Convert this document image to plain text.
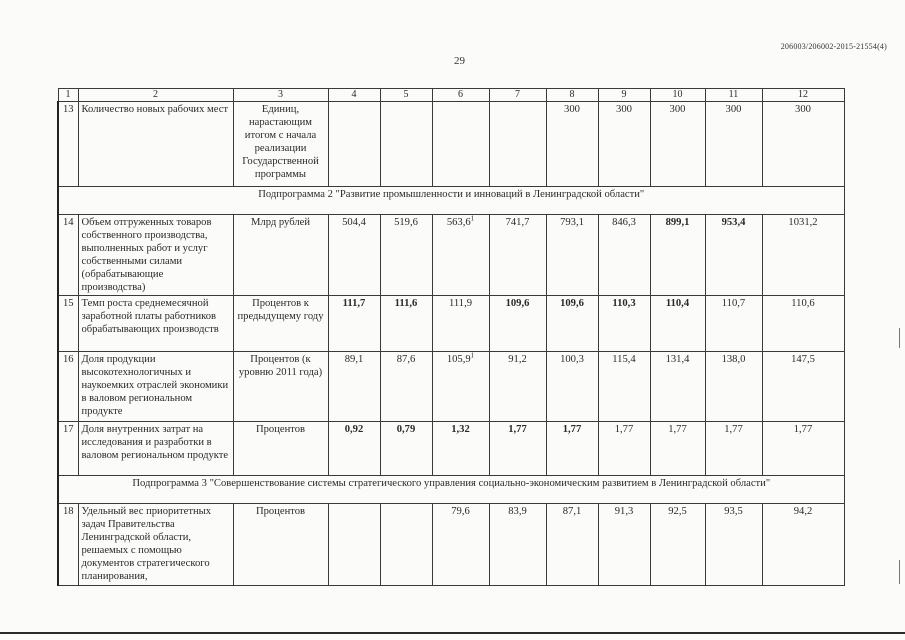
206003/206002-2015-21554(4)
29
1	2	3	4	5	6	7	8	9	10	11	12
13	Количество новых рабочих мест	Единиц, нарастающим итогом с начала реализации Государственной программы					300	300	300	300	300
Подпрограмма 2 "Развитие промышленности и инноваций в Ленинградской области"											
14	Объем отгруженных товаров собственного производства, выполненных работ и услуг собственными силами (обрабатывающие производства)	Млрд рублей	504,4	519,6	563,6$^1$	741,7	793,1	846,3	899,1	953,4	1031,2
15	Темп роста среднемесячной заработной платы работников обрабатывающих производств	Процентов к предыдущему году	111,7	111,6	111,9	109,6	109,6	110,3	110,4	110,7	110,6
16	Доля продукции высокотехнологичных и наукоемких отраслей экономики в валовом региональном продукте	Процентов (к уровню 2011 года)	89,1	87,6	105,9$^1$	91,2	100,3	115,4	131,4	138,0	147,5
17	Доля внутренних затрат на исследования и разработки в валовом региональном продукте	Процентов	0,92	0,79	1,32	1,77	1,77	1,77	1,77	1,77	1,77
Подпрограмма 3 "Совершенствование системы стратегического управления социально-экономическим развитием в Ленинградской области"											
18	Удельный вес приоритетных задач Правительства Ленинградской области, решаемых с помощью документов стратегического планирования,	Процентов			79,6	83,9	87,1	91,3	92,5	93,5	94,2
